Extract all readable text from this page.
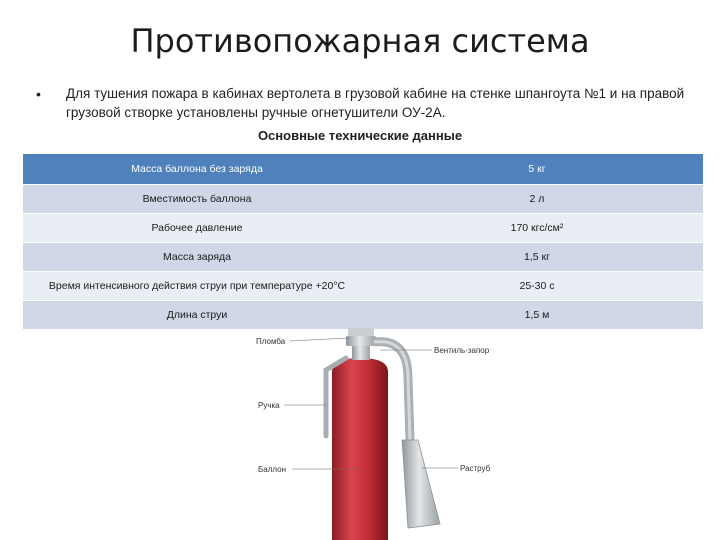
Противопожарная система
• Для тушения пожара в кабинах вертолета в грузовой кабине на стенке шпангоута №1 и на правой грузовой створке установлены ручные огнетушители ОУ-2А.
Основные технические данные
Масса баллона без заряда	5 кг
Вместимость баллона	2 л
Рабочее давление	170 кгс/см²
Масса заряда	1,5 кг
Время интенсивного действия струи при температуре +20°С	25-30 с
Длина струи	1,5 м
Пломба
Вентиль-запор
Ручка
Баллон	Раструб
